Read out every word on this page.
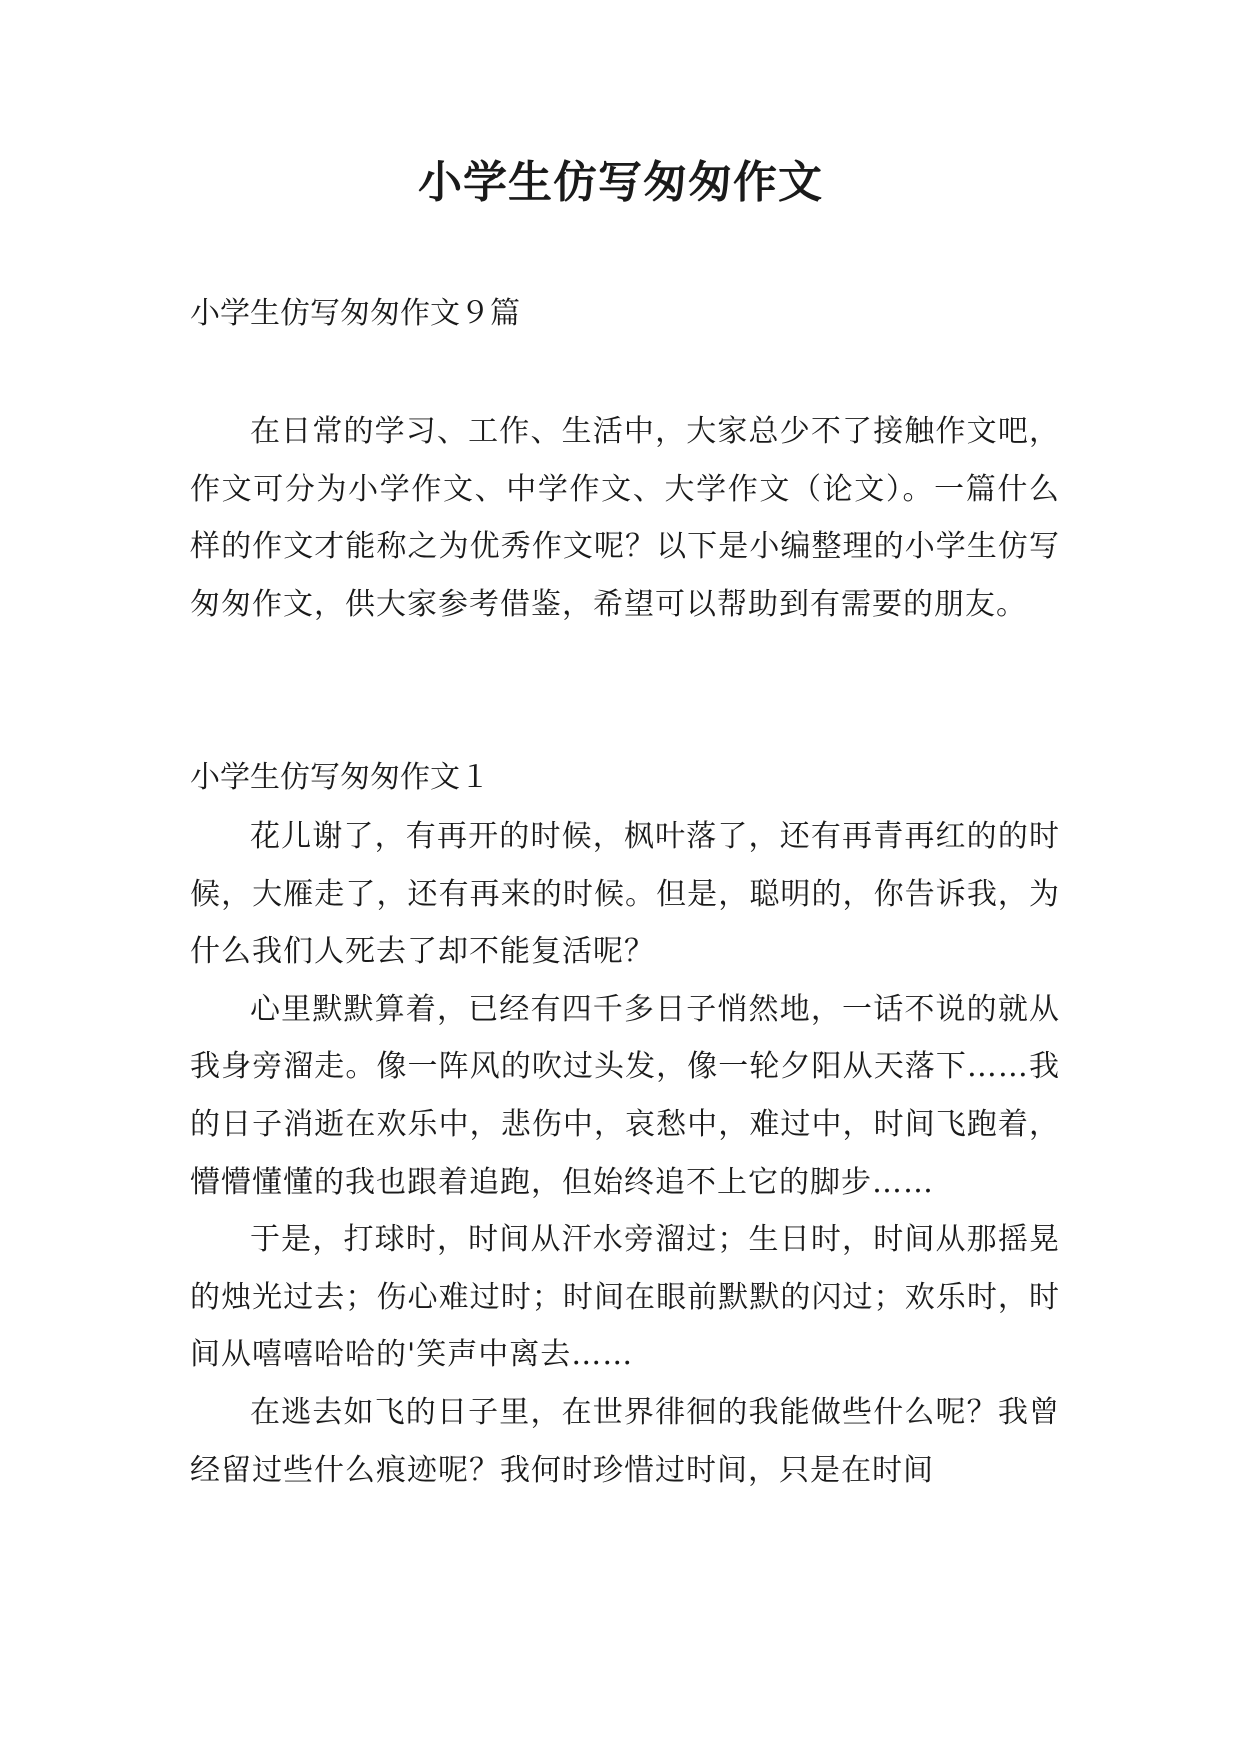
小学生仿写匆匆作文

小学生仿写匆匆作文９篇

在日常的学习、工作、生活中，大家总少不了接触作文吧，作文可分为小学作文、中学作文、大学作文（论文）。一篇什么样的作文才能称之为优秀作文呢？以下是小编整理的小学生仿写匆匆作文，供大家参考借鉴，希望可以帮助到有需要的朋友。

小学生仿写匆匆作文１

花儿谢了，有再开的时候，枫叶落了，还有再青再红的的时候，大雁走了，还有再来的时候。但是，聪明的，你告诉我，为什么我们人死去了却不能复活呢？

心里默默算着，已经有四千多日子悄然地，一话不说的就从我身旁溜走。像一阵风的吹过头发，像一轮夕阳从天落下……我的日子消逝在欢乐中，悲伤中，哀愁中，难过中，时间飞跑着，懵懵懂懂的我也跟着追跑，但始终追不上它的脚步……

于是，打球时，时间从汗水旁溜过；生日时，时间从那摇晃的烛光过去；伤心难过时；时间在眼前默默的闪过；欢乐时，时间从嘻嘻哈哈的'笑声中离去……

在逃去如飞的日子里，在世界徘徊的我能做些什么呢？我曾经留过些什么痕迹呢？我何时珍惜过时间，只是在时间
